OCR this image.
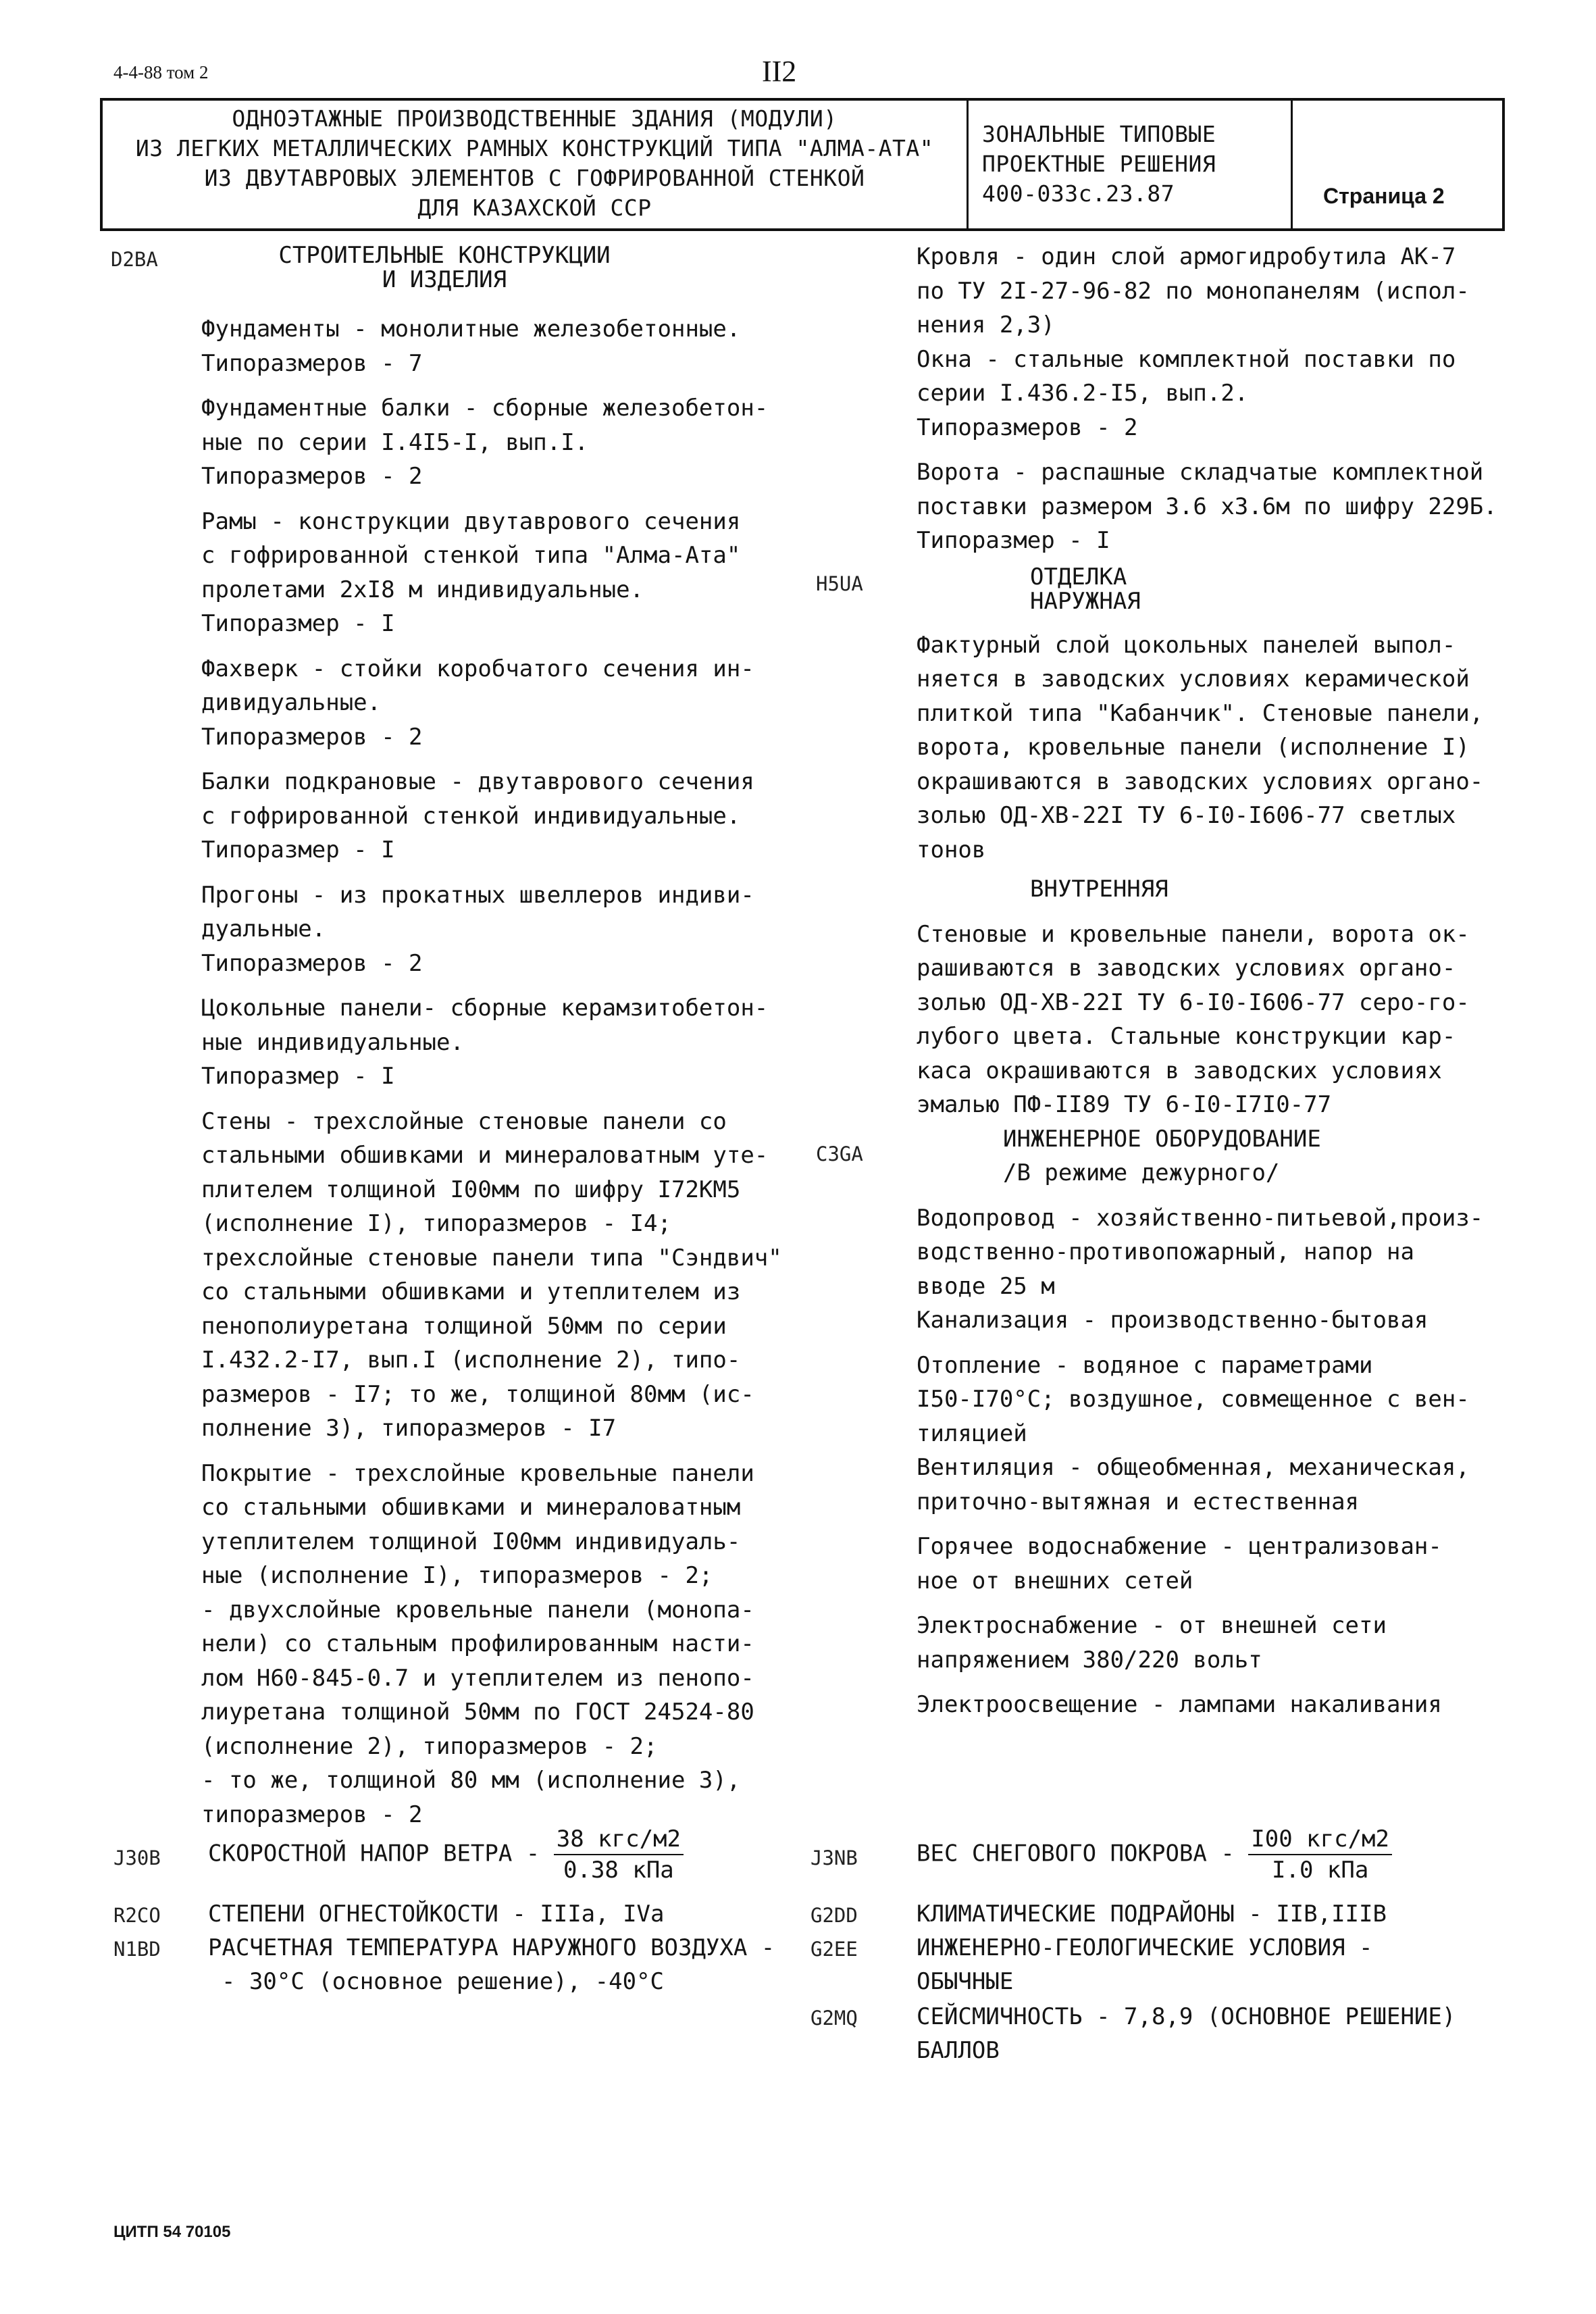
4-4-88 том 2	II2
ОДНОЭТАЖНЫЕ ПРОИЗВОДСТВЕННЫЕ ЗДАНИЯ (МОДУЛИ)
ИЗ ЛЕГКИХ МЕТАЛЛИЧЕСКИХ РАМНЫХ КОНСТРУКЦИЙ ТИПА "АЛМА-АТА"
ИЗ ДВУТАВРОВЫХ ЭЛЕМЕНТОВ С ГОФРИРОВАННОЙ СТЕНКОЙ
ДЛЯ КАЗАХСКОЙ ССР
ЗОНАЛЬНЫЕ ТИПОВЫЕ
ПРОЕКТНЫЕ РЕШЕНИЯ
400-033с.23.87	Страница 2
D2BA
H5UA
C3GA
СТРОИТЕЛЬНЫЕ КОНСТРУКЦИИ
И ИЗДЕЛИЯ
Фундаменты - монолитные железобетонные.
Типоразмеров - 7
Фундаментные балки - сборные железобетон-
ные по серии I.4I5-I, вып.I.
Типоразмеров - 2
Рамы - конструкции двутаврового сечения
с гофрированной стенкой типа "Алма-Ата"
пролетами 2хI8 м индивидуальные.
Типоразмер - I
Фахверк - стойки коробчатого сечения ин-
дивидуальные.
Типоразмеров - 2
Балки подкрановые - двутаврового сечения
с гофрированной стенкой индивидуальные.
Типоразмер - I
Прогоны - из прокатных швеллеров индиви-
дуальные.
Типоразмеров - 2
Цокольные панели- сборные керамзитобетон-
ные индивидуальные.
Типоразмер - I
Стены - трехслойные стеновые панели со
стальными обшивками и минераловатным уте-
плителем толщиной I00мм по шифру I72КМ5
(исполнение I), типоразмеров - I4;
трехслойные стеновые панели типа "Сэндвич"
со стальными обшивками и утеплителем из
пенополиуретана толщиной 50мм по серии
I.432.2-I7, вып.I (исполнение 2), типо-
размеров - I7; то же, толщиной 80мм (ис-
полнение 3), типоразмеров - I7
Покрытие - трехслойные кровельные панели
со стальными обшивками и минераловатным
утеплителем толщиной I00мм индивидуаль-
ные (исполнение I), типоразмеров - 2;
- двухслойные кровельные панели (монопа-
нели) со стальным профилированным насти-
лом Н60-845-0.7 и утеплителем из пенопо-
лиуретана толщиной 50мм по ГОСТ 24524-80
(исполнение 2), типоразмеров - 2;
- то же, толщиной 80 мм (исполнение 3),
типоразмеров - 2
Кровля - один слой армогидробутила АК-7
по ТУ 2I-27-96-82 по монопанелям (испол-
нения 2,3)
Окна - стальные комплектной поставки по
серии I.436.2-I5, вып.2.
Типоразмеров - 2
Ворота - распашные складчатые комплектной
поставки размером 3.6 х3.6м по шифру 229Б.
Типоразмер - I
ОТДЕЛКА
НАРУЖНАЯ
Фактурный слой цокольных панелей выпол-
няется в заводских условиях керамической
плиткой типа "Кабанчик". Стеновые панели,
ворота, кровельные панели (исполнение I)
окрашиваются в заводских условиях органо-
золью ОД-ХВ-22I ТУ 6-I0-I606-77 светлых
тонов
ВНУТРЕННЯЯ
Стеновые и кровельные панели, ворота ок-
рашиваются в заводских условиях органо-
золью ОД-ХВ-22I ТУ 6-I0-I606-77 серо-го-
лубого цвета. Стальные конструкции кар-
каса окрашиваются в заводских условиях
эмалью ПФ-II89 ТУ 6-I0-I7I0-77
ИНЖЕНЕРНОЕ ОБОРУДОВАНИЕ
/В режиме дежурного/
Водопровод - хозяйственно-питьевой,произ-
водственно-противопожарный, напор на
вводе 25 м
Канализация - производственно-бытовая
Отопление - водяное с параметрами
I50-I70°С; воздушное, совмещенное с вен-
тиляцией
Вентиляция - общеобменная, механическая,
приточно-вытяжная и естественная
Горячее водоснабжение - централизован-
ное от внешних сетей
Электроснабжение - от внешней сети
напряжением 380/220 вольт
Электроосвещение - лампами накаливания
J30B СКОРОСТНОЙ НАПОР ВЕТРА - $\frac{\text{38 кгс/м2}}{\text{0.38 кПа}}$	J3NB	ВЕС СНЕГОВОГО ПОКРОВА - $\frac{\text{I00 кгс/м2}}{\text{I.0 кПа}}$
R2CO СТЕПЕНИ ОГНЕСТОЙКОСТИ - IIIа, IVа	G2DD	КЛИМАТИЧЕСКИЕ ПОДРАЙОНЫ - IIВ,IIIВ
N1BD РАСЧЕТНАЯ ТЕМПЕРАТУРА НАРУЖНОГО ВОЗДУХА -
- 30°С (основное решение), -40°С
G2EE	ИНЖЕНЕРНО-ГЕОЛОГИЧЕСКИЕ УСЛОВИЯ -
ОБЫЧНЫЕ
G2MQ	СЕЙСМИЧНОСТЬ - 7,8,9 (ОСНОВНОЕ РЕШЕНИЕ)
БАЛЛОВ
ЦИТП 54 70105
